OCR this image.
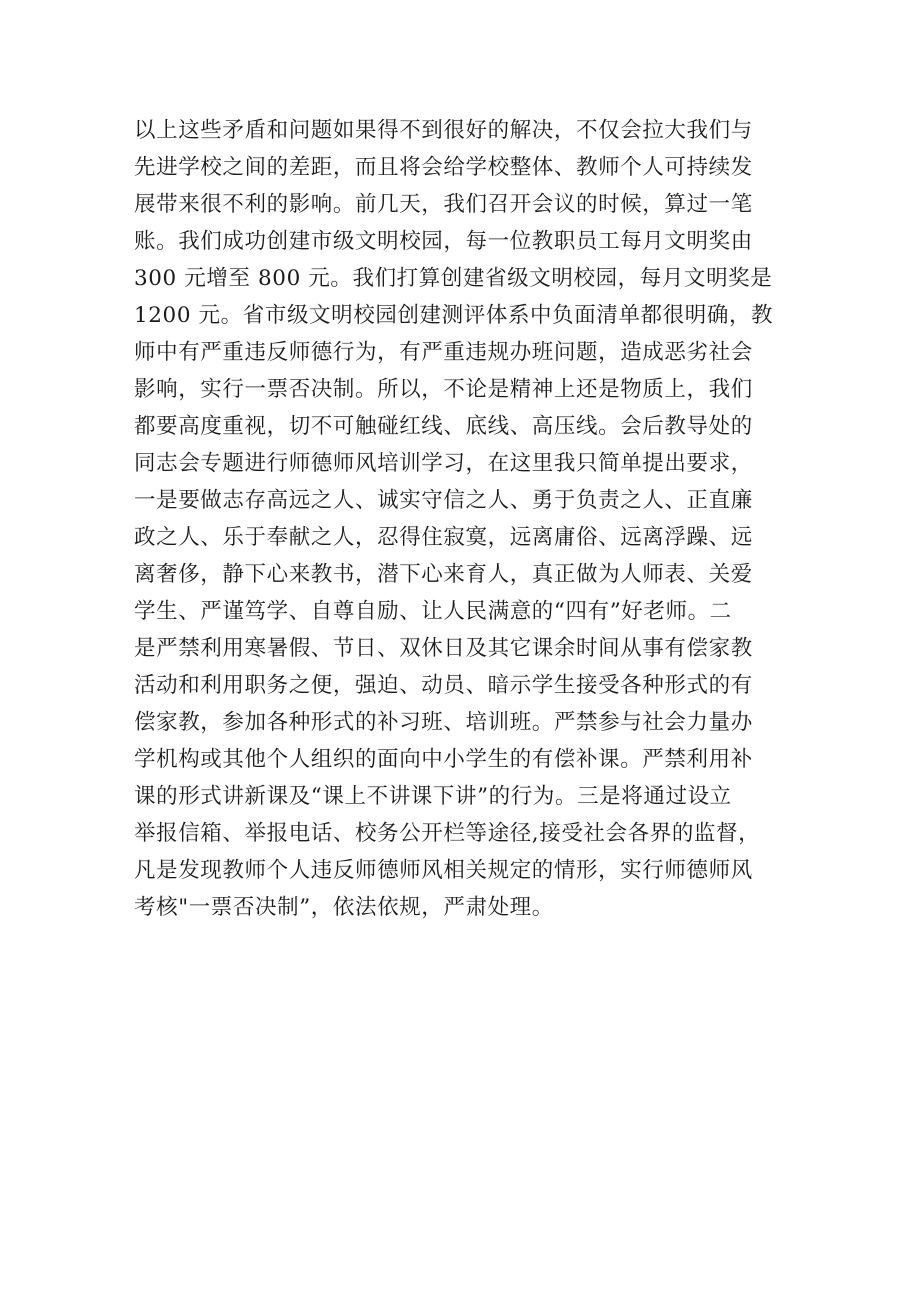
以上这些矛盾和问题如果得不到很好的解决，不仅会拉大我们与
先进学校之间的差距，而且将会给学校整体、教师个人可持续发
展带来很不利的影响。前几天，我们召开会议的时候，算过一笔
账。我们成功创建市级文明校园，每一位教职员工每月文明奖由
300 元增至 800 元。我们打算创建省级文明校园，每月文明奖是
1200 元。省市级文明校园创建测评体系中负面清单都很明确，教
师中有严重违反师德行为，有严重违规办班问题，造成恶劣社会
影响，实行一票否决制。所以，不论是精神上还是物质上，我们
都要高度重视，切不可触碰红线、底线、高压线。会后教导处的
同志会专题进行师德师风培训学习，在这里我只简单提出要求，
一是要做志存高远之人、诚实守信之人、勇于负责之人、正直廉
政之人、乐于奉献之人，忍得住寂寞，远离庸俗、远离浮躁、远
离奢侈，静下心来教书，潜下心来育人，真正做为人师表、关爱
学生、严谨笃学、自尊自励、让人民满意的“四有”好老师。二
是严禁利用寒暑假、节日、双休日及其它课余时间从事有偿家教
活动和利用职务之便，强迫、动员、暗示学生接受各种形式的有
偿家教，参加各种形式的补习班、培训班。严禁参与社会力量办
学机构或其他个人组织的面向中小学生的有偿补课。严禁利用补
课的形式讲新课及“课上不讲课下讲”的行为。三是将通过设立
举报信箱、举报电话、校务公开栏等途径,接受社会各界的监督，
凡是发现教师个人违反师德师风相关规定的情形，实行师德师风
考核"一票否决制”，依法依规，严肃处理。
